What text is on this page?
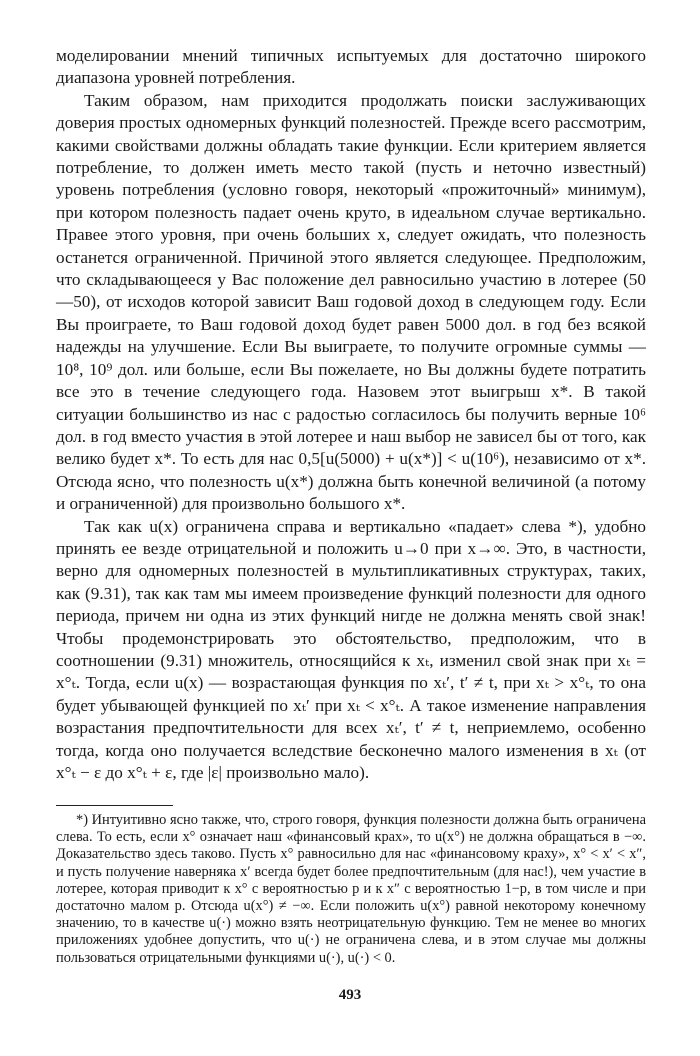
моделировании мнений типичных испытуемых для достаточно широкого диапазона уровней потребления.

Таким образом, нам приходится продолжать поиски заслуживающих доверия простых одномерных функций полезностей. Прежде всего рассмотрим, какими свойствами должны обладать такие функции. Если критерием является потребление, то должен иметь место такой (пусть и неточно известный) уровень потребления (условно говоря, некоторый «прожиточный» минимум), при котором полезность падает очень круто, в идеальном случае вертикально. Правее этого уровня, при очень больших x, следует ожидать, что полезность останется ограниченной. Причиной этого является следующее. Предположим, что складывающееся у Вас положение дел равносильно участию в лотерее (50—50), от исходов которой зависит Ваш годовой доход в следующем году. Если Вы проиграете, то Ваш годовой доход будет равен 5000 дол. в год без всякой надежды на улучшение. Если Вы выиграете, то получите огромные суммы — 10⁸, 10⁹ дол. или больше, если Вы пожелаете, но Вы должны будете потратить все это в течение следующего года. Назовем этот выигрыш x*. В такой ситуации большинство из нас с радостью согласилось бы получить верные 10⁶ дол. в год вместо участия в этой лотерее и наш выбор не зависел бы от того, как велико будет x*. То есть для нас 0,5[u(5000) + u(x*)] < u(10⁶), независимо от x*. Отсюда ясно, что полезность u(x*) должна быть конечной величиной (а потому и ограниченной) для произвольно большого x*.

Так как u(x) ограничена справа и вертикально «падает» слева *), удобно принять ее везде отрицательной и положить u→0 при x→∞. Это, в частности, верно для одномерных полезностей в мультипликативных структурах, таких, как (9.31), так как там мы имеем произведение функций полезности для одного периода, причем ни одна из этих функций нигде не должна менять свой знак! Чтобы продемонстрировать это обстоятельство, предположим, что в соотношении (9.31) множитель, относящийся к xₜ, изменил свой знак при xₜ = x°ₜ. Тогда, если u(x) — возрастающая функция по xₜ′, t′ ≠ t, при xₜ > x°ₜ, то она будет убывающей функцией по xₜ′ при xₜ < x°ₜ. А такое изменение направления возрастания предпочтительности для всех xₜ′, t′ ≠ t, неприемлемо, особенно тогда, когда оно получается вследствие бесконечно малого изменения в xₜ (от x°ₜ − ε до x°ₜ + ε, где |ε| произвольно мало).

*) Интуитивно ясно также, что, строго говоря, функция полезности должна быть ограничена слева. То есть, если x° означает наш «финансовый крах», то u(x°) не должна обращаться в −∞. Доказательство здесь таково. Пусть x° равносильно для нас «финансовому краху», x° < x′ < x″, и пусть получение наверняка x′ всегда будет более предпочтительным (для нас!), чем участие в лотерее, которая приводит к x° с вероятностью p и к x″ с вероятностью 1−p, в том числе и при достаточно малом p. Отсюда u(x°) ≠ −∞. Если положить u(x°) равной некоторому конечному значению, то в качестве u(·) можно взять неотрицательную функцию. Тем не менее во многих приложениях удобнее допустить, что u(·) не ограничена слева, и в этом случае мы должны пользоваться отрицательными функциями u(·), u(·) < 0.

493
